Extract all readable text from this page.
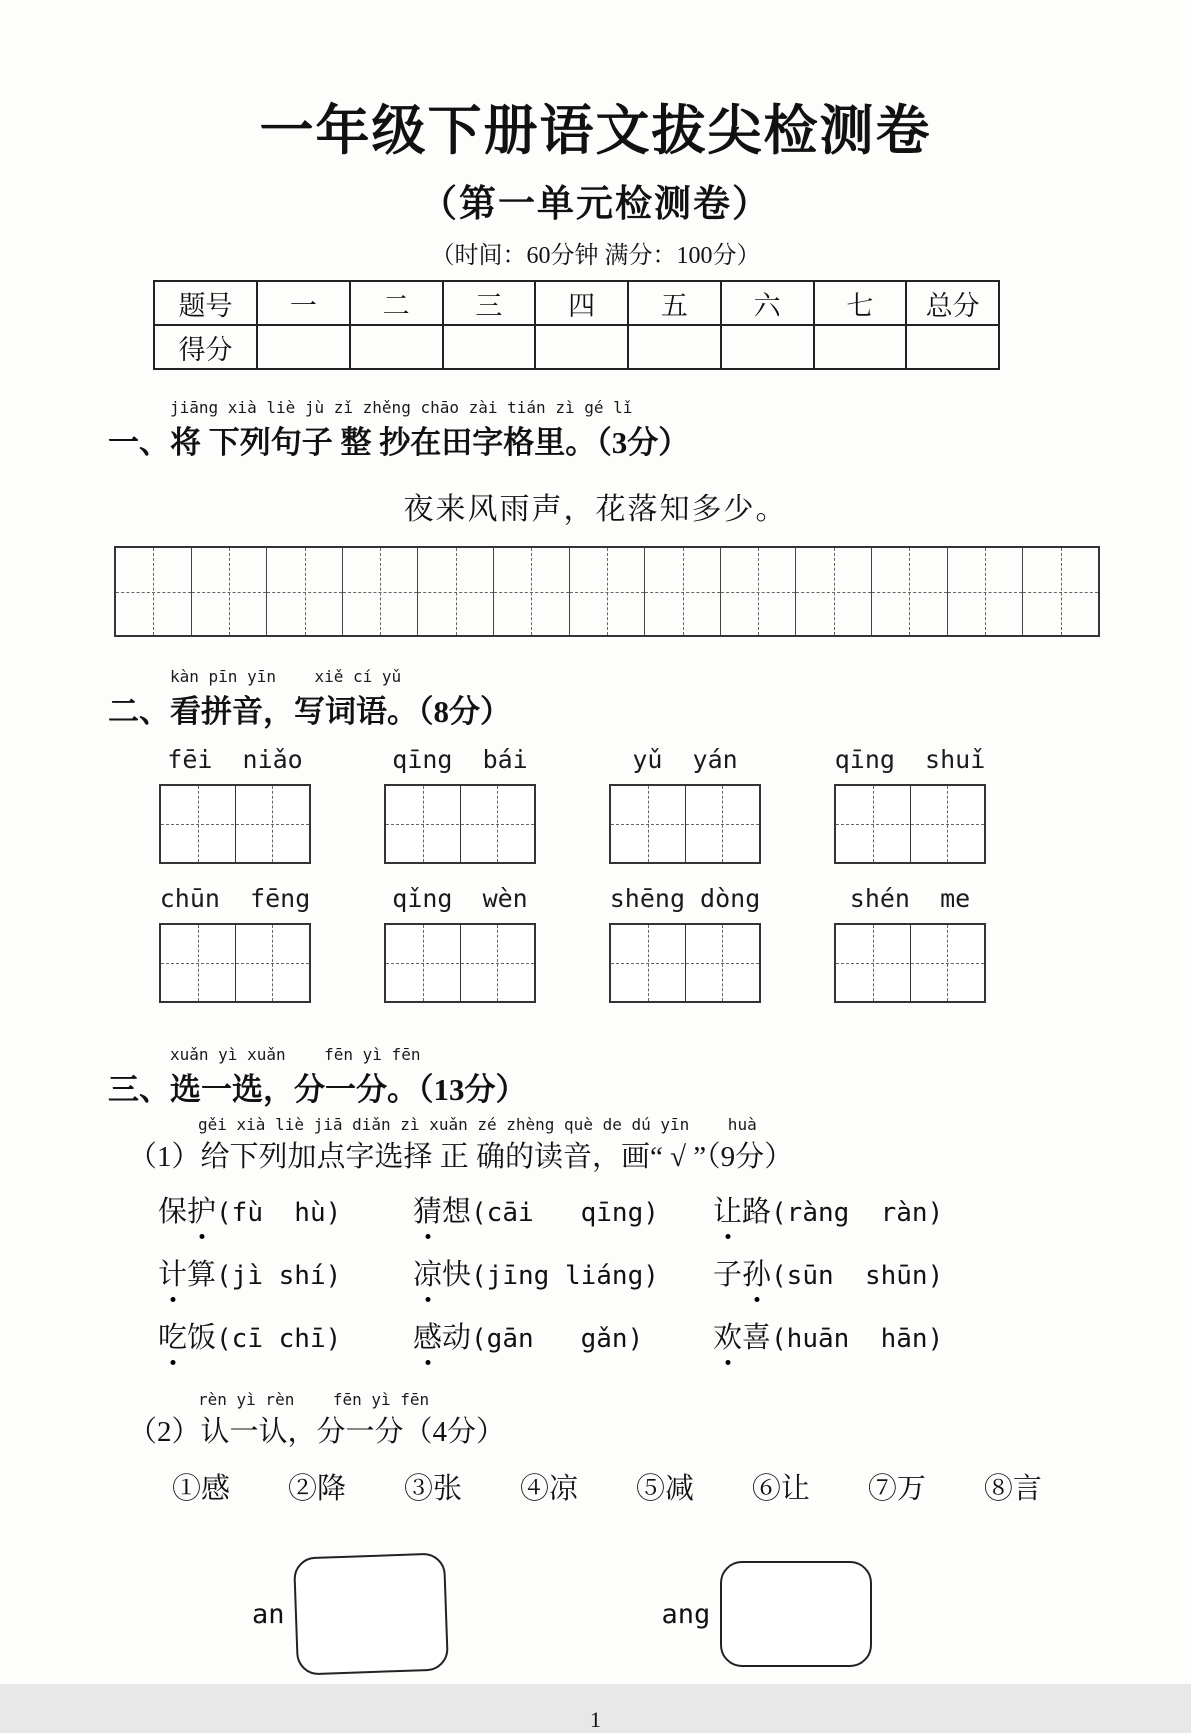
一年级下册语文拔尖检测卷
（第一单元检测卷）
（时间：60分钟 满分：100分）
题号	一	二	三	四	五	六	七	总分
得分								
jiāng xià liè jù zǐ zhěng chāo zài tián zì gé lǐ
一、将 下列句子 整 抄在田字格里。（3分）
夜来风雨声，花落知多少。
kàn pīn yīn    xiě cí yǔ
二、看拼音，写词语。（8分）
fēi  niǎo	qīng  bái	yǔ  yán	qīng  shuǐ
chūn  fēng	qǐng  wèn	shēng dòng	shén  me
xuǎn yì xuǎn    fēn yì fēn
三、选一选，分一分。（13分）
gěi xià liè jiā diǎn zì xuǎn zé zhèng què de dú yīn    huà
（1）给下列加点字选择 正 确的读音，画“ √ ”（9分）
保护(fù  hù)	猜想(cāi   qīng)	让路(ràng  ràn)
计算(jì shí)	凉快(jīng liáng)	子孙(sūn  shūn)
吃饭(cī chī)	感动(gān   gǎn)	欢喜(huān  hān)
rèn yì rèn    fēn yì fēn
（2）认一认，分一分（4分）
①感 ②降 ③张 ④凉 ⑤减 ⑥让 ⑦万 ⑧言
an	ang
1
